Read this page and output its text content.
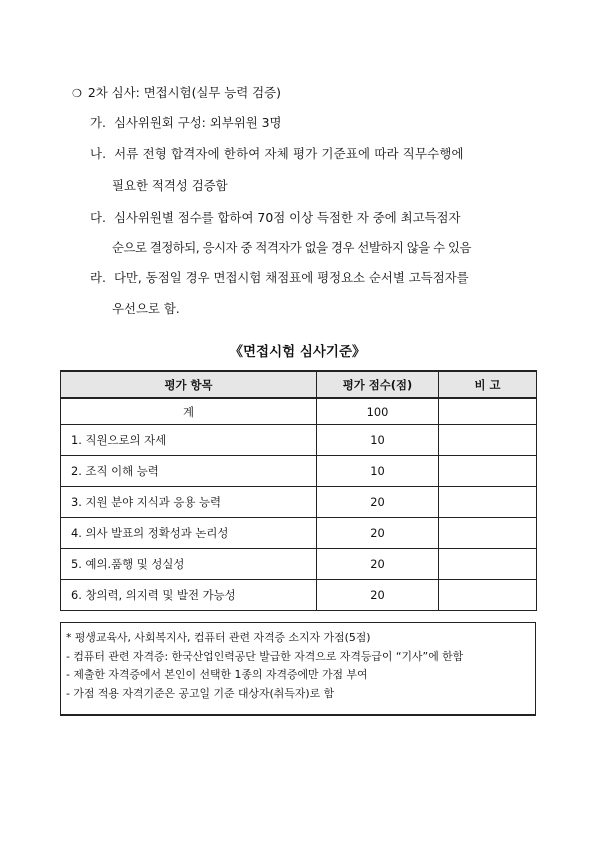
❍ 2차 심사: 면접시험(실무 능력 검증)
가. 심사위원회 구성: 외부위원 3명
나. 서류 전형 합격자에 한하여 자체 평가 기준표에 따라 직무수행에
필요한 적격성 검증함
다. 심사위원별 점수를 합하여 70점 이상 득점한 자 중에 최고득점자
순으로 결정하되, 응시자 중 적격자가 없을 경우 선발하지 않을 수 있음
라. 다만, 동점일 경우 면접시험 채점표에 평정요소 순서별 고득점자를
우선으로 함.
《면접시험 심사기준》
평가 항목	평가 점수(점)	비 고
계	100	
1. 직원으로의 자세	10	
2. 조직 이해 능력	10	
3. 지원 분야 지식과 응용 능력	20	
4. 의사 발표의 정확성과 논리성	20	
5. 예의.품행 및 성실성	20	
6. 창의력, 의지력 및 발전 가능성	20	
* 평생교육사, 사회복지사, 컴퓨터 관련 자격증 소지자 가점(5점)
- 컴퓨터 관련 자격증: 한국산업인력공단 발급한 자격으로 자격등급이 “기사”에 한함
- 제출한 자격증에서 본인이 선택한 1종의 자격증에만 가점 부여
- 가점 적용 자격기준은 공고일 기준 대상자(취득자)로 함
